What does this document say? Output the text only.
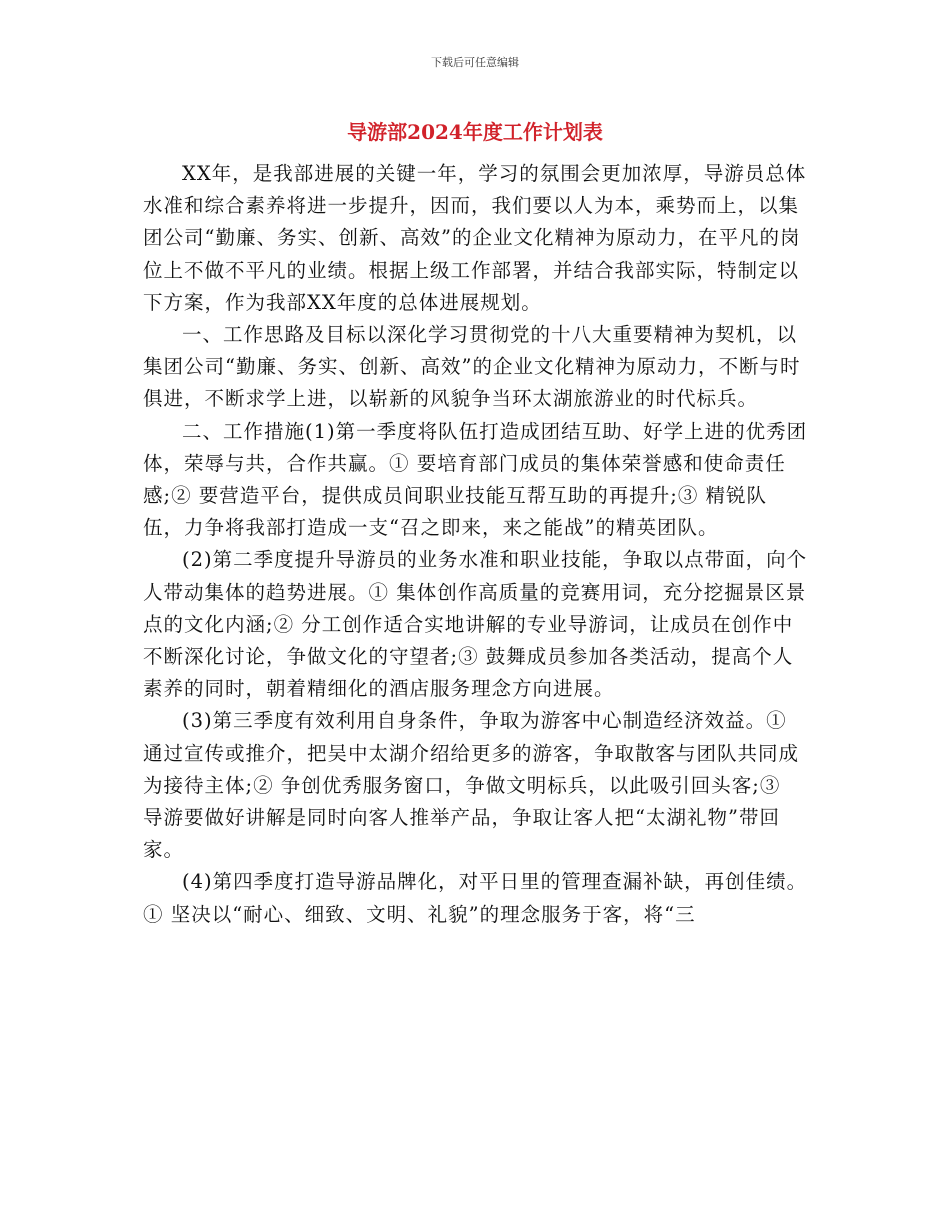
下载后可任意编辑
导游部2024年度工作计划表

XX年，是我部进展的关键一年，学习的氛围会更加浓厚，导游员总体水准和综合素养将进一步提升，因而，我们要以人为本，乘势而上，以集团公司“勤廉、务实、创新、高效”的企业文化精神为原动力，在平凡的岗位上不做不平凡的业绩。根据上级工作部署，并结合我部实际，特制定以下方案，作为我部XX年度的总体进展规划。

一、工作思路及目标以深化学习贯彻党的十八大重要精神为契机，以集团公司“勤廉、务实、创新、高效”的企业文化精神为原动力，不断与时俱进，不断求学上进，以崭新的风貌争当环太湖旅游业的时代标兵。

二、工作措施(1)第一季度将队伍打造成团结互助、好学上进的优秀团体，荣辱与共，合作共赢。① 要培育部门成员的集体荣誉感和使命责任感;② 要营造平台，提供成员间职业技能互帮互助的再提升;③ 精锐队伍，力争将我部打造成一支“召之即来，来之能战”的精英团队。

(2)第二季度提升导游员的业务水准和职业技能，争取以点带面，向个人带动集体的趋势进展。① 集体创作高质量的竞赛用词，充分挖掘景区景点的文化内涵;② 分工创作适合实地讲解的专业导游词，让成员在创作中不断深化讨论，争做文化的守望者;③ 鼓舞成员参加各类活动，提高个人素养的同时，朝着精细化的酒店服务理念方向进展。

(3)第三季度有效利用自身条件，争取为游客中心制造经济效益。① 通过宣传或推介，把吴中太湖介绍给更多的游客，争取散客与团队共同成为接待主体;② 争创优秀服务窗口，争做文明标兵，以此吸引回头客;③ 导游要做好讲解是同时向客人推举产品，争取让客人把“太湖礼物”带回家。

(4)第四季度打造导游品牌化，对平日里的管理查漏补缺，再创佳绩。① 坚决以“耐心、细致、文明、礼貌”的理念服务于客，将“三
